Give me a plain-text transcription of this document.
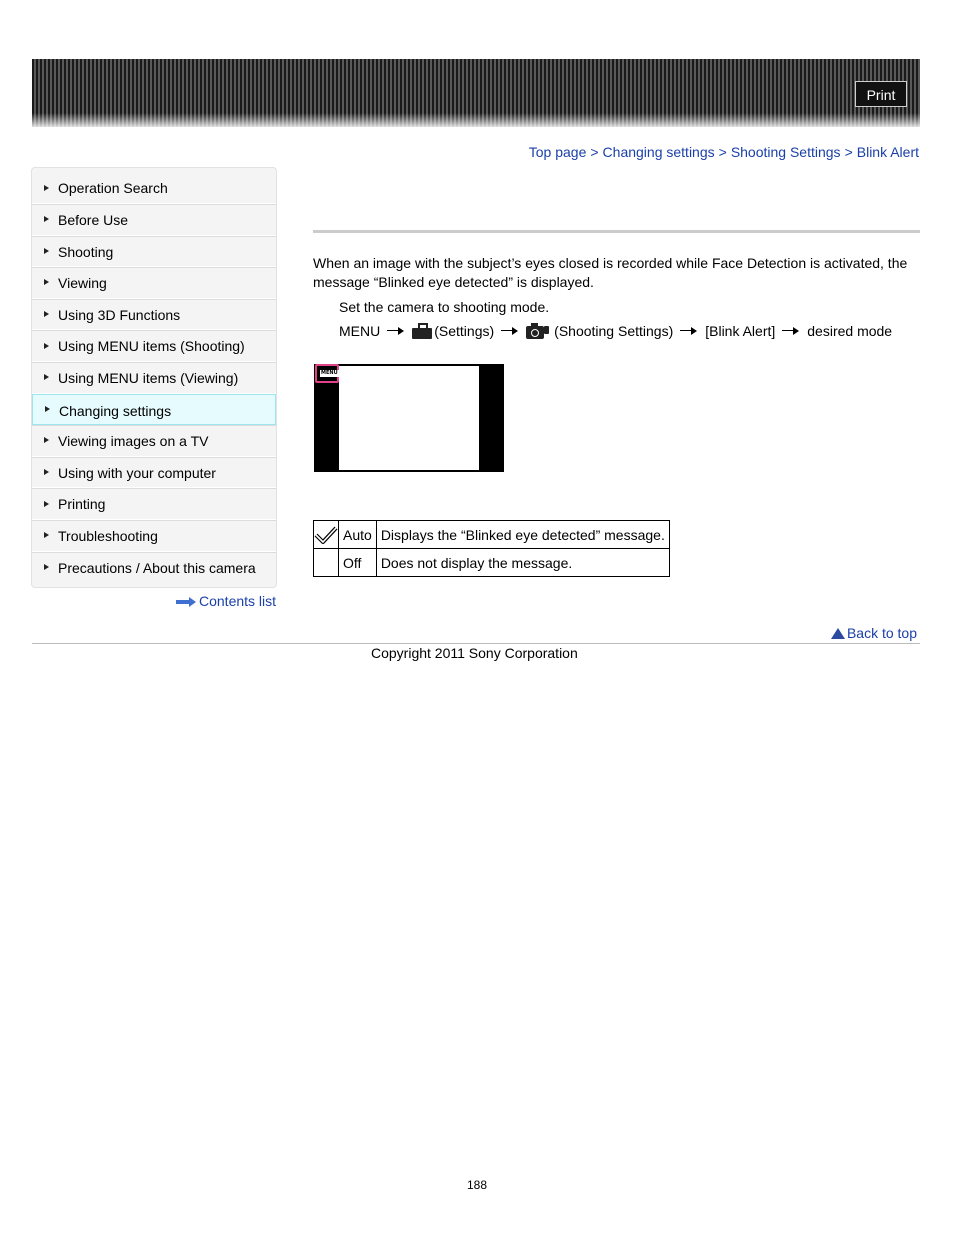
Print
Top page > Changing settings > Shooting Settings > Blink Alert
Operation Search
Before Use
Shooting
Viewing
Using 3D Functions
Using MENU items (Shooting)
Using MENU items (Viewing)
Changing settings
Viewing images on a TV
Using with your computer
Printing
Troubleshooting
Precautions / About this camera
Contents list
When an image with the subject’s eyes closed is recorded while Face Detection is activated, the message “Blinked eye detected” is displayed.
Set the camera to shooting mode.
MENU	(Settings)	(Shooting Settings) [Blink Alert] desired mode
MENU
	Auto	Displays the “Blinked eye detected” message.
	Off	Does not display the message.
Back to top
Copyright 2011 Sony Corporation
188
